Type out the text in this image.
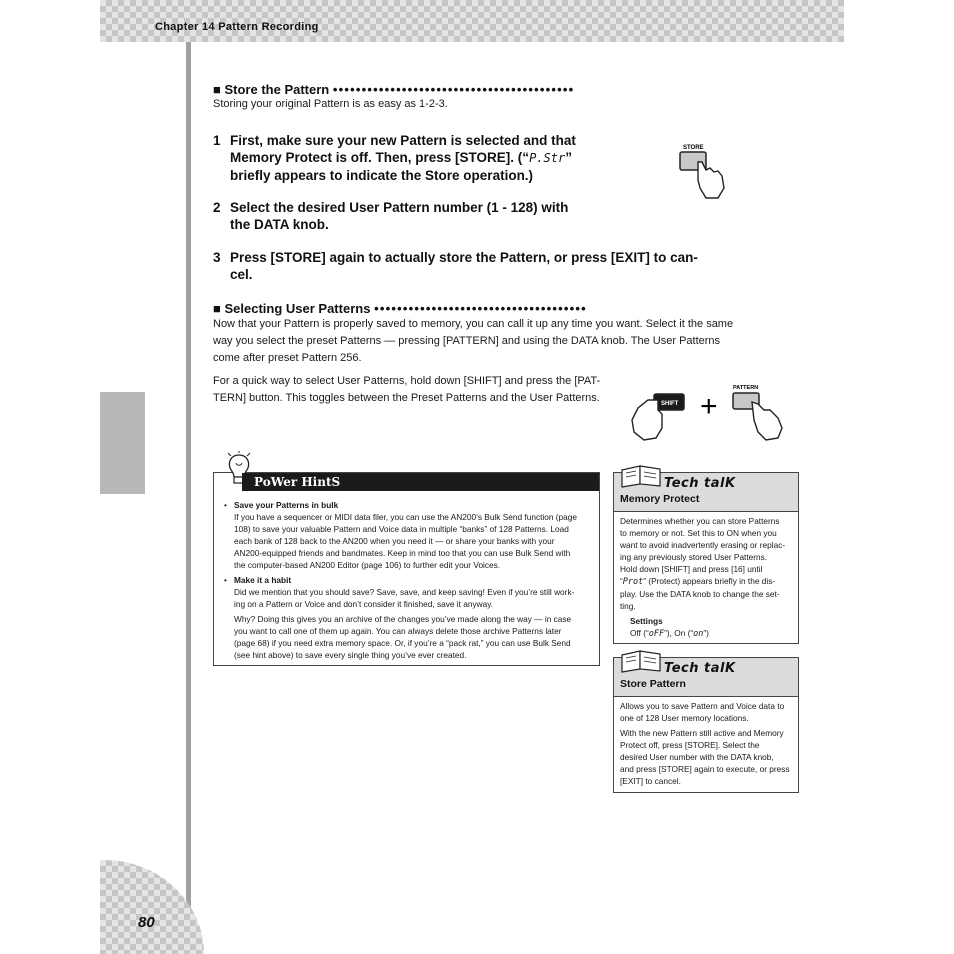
Chapter 14 Pattern Recording
80
■ Store the Pattern ••••••••••••••••••••••••••••••••••••••••••
Storing your original Pattern is as easy as 1-2-3.
1 First, make sure your new Pattern is selected and that
Memory Protect is off. Then, press [STORE]. (“P.Str”
briefly appears to indicate the Store operation.)
2 Select the desired User Pattern number (1 - 128) with
the DATA knob.
3 Press [STORE] again to actually store the Pattern, or press [EXIT] to can-
cel.
STORE
■ Selecting User Patterns •••••••••••••••••••••••••••••••••••••
Now that your Pattern is properly saved to memory, you can call it up any time you want. Select it the same
way you select the preset Patterns — pressing [PATTERN] and using the DATA knob. The User Patterns
come after preset Pattern 256.
For a quick way to select User Patterns, hold down [SHIFT] and press the [PAT-
TERN] button. This toggles between the Preset Patterns and the User Patterns.	SHIFT +
PATTERN
PoWer HintS
• Save your Patterns in bulk
If you have a sequencer or MIDI data filer, you can use the AN200’s Bulk Send function (page
108) to save your valuable Pattern and Voice data in multiple “banks” of 128 Patterns. Load
each bank of 128 back to the AN200 when you need it — or share your banks with your
AN200-equipped friends and bandmates. Keep in mind too that you can use Bulk Send with
the computer-based AN200 Editor (page 106) to further edit your Voices.
• Make it a habit
Did we mention that you should save? Save, save, and keep saving! Even if you’re still work-
ing on a Pattern or Voice and don’t consider it finished, save it anyway.
Why? Doing this gives you an archive of the changes you’ve made along the way — in case
you want to call one of them up again. You can always delete those archive Patterns later
(page 68) if you need extra memory space. Or, if you’re a “pack rat,” you can use Bulk Send
(see hint above) to save every single thing you’ve ever created.
Tech talK
Memory Protect
Determines whether you can store Patterns
to memory or not. Set this to ON when you
want to avoid inadvertently erasing or replac-
ing any previously stored User Patterns.
Hold down [SHIFT] and press [16] until
“Prot” (Protect) appears briefly in the dis-
play. Use the DATA knob to change the set-
ting.
Settings
Off (“oFF”), On (“on”)
Tech talK
Store Pattern

Allows you to save Pattern and Voice data to
one of 128 User memory locations.

With the new Pattern still active and Memory
Protect off, press [STORE]. Select the
desired User number with the DATA knob,
and press [STORE] again to execute, or press
[EXIT] to cancel.
